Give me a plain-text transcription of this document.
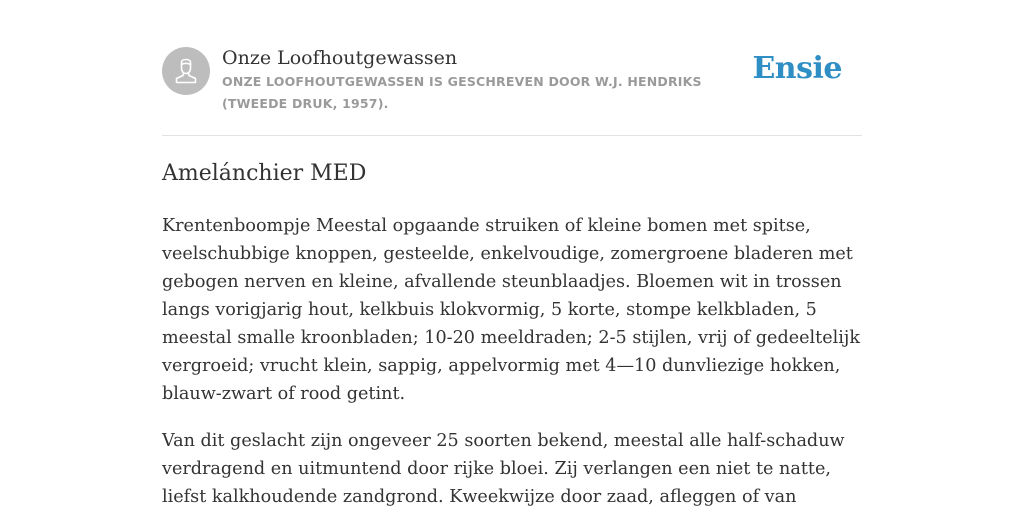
Onze Loofhoutgewassen
ONZE LOOFHOUTGEWASSEN IS GESCHREVEN DOOR W.J. HENDRIKS (TWEEDE DRUK, 1957).
Ensie
Amelánchier MED

Krentenboompje Meestal opgaande struiken of kleine bomen met spitse, veelschubbige knoppen, gesteelde, enkelvoudige, zomergroene bladeren met gebogen nerven en kleine, afvallende steunblaadjes. Bloemen wit in trossen langs vorigjarig hout, kelkbuis klokvormig, 5 korte, stompe kelkbladen, 5 meestal smalle kroonbladen; 10-20 meeldraden; 2-5 stijlen, vrij of gedeeltelijk vergroeid; vrucht klein, sappig, appelvormig met 4—10 dunvliezige hokken, blauw-zwart of rood getint.

Van dit geslacht zijn ongeveer 25 soorten bekend, meestal alle half-schaduw verdragend en uitmuntend door rijke bloei. Zij verlangen een niet te natte, liefst kalkhoudende zandgrond. Kweekwijze door zaad, afleggen of van
